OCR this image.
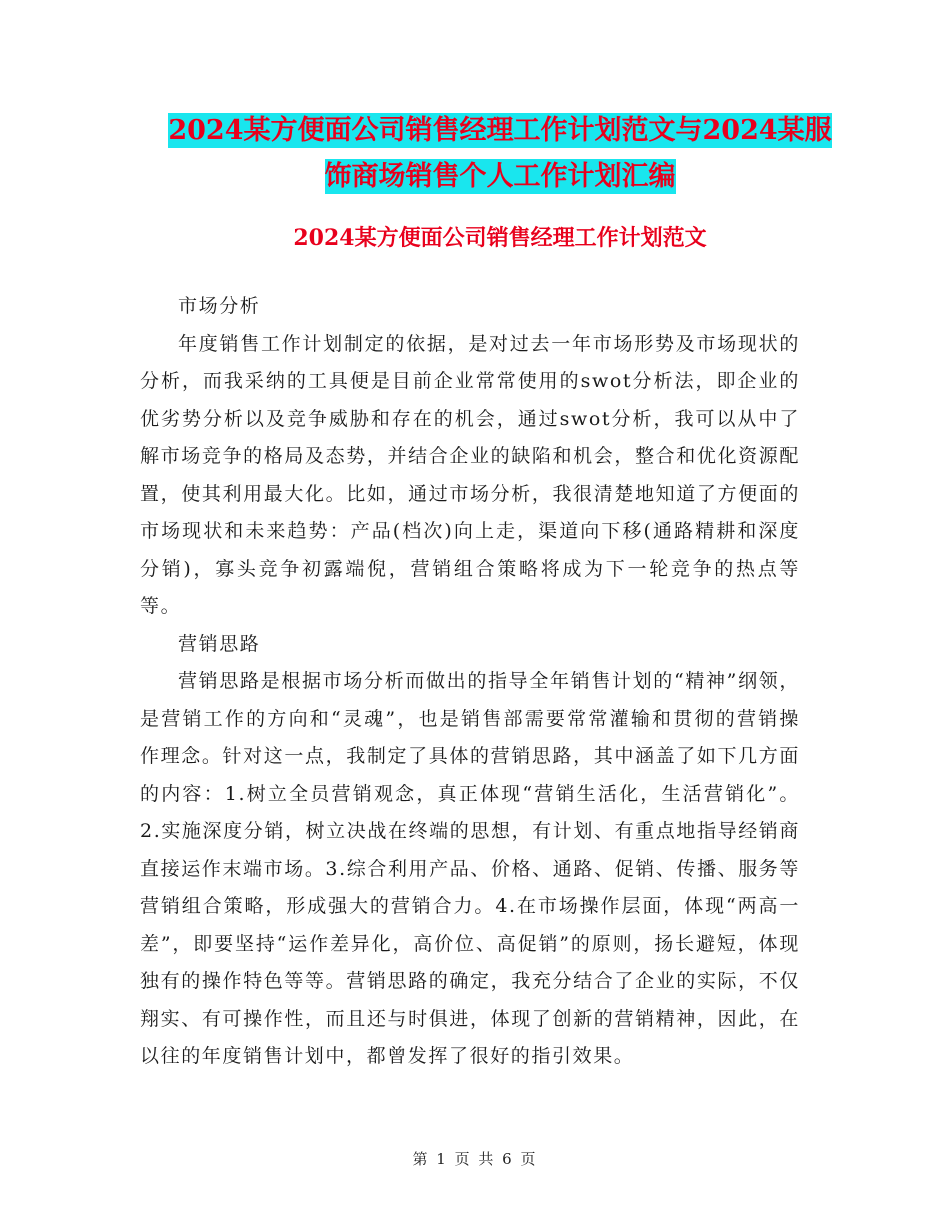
2024某方便面公司销售经理工作计划范文与2024某服
饰商场销售个人工作计划汇编
2024某方便面公司销售经理工作计划范文

市场分析

年度销售工作计划制定的依据，是对过去一年市场形势及市场现状的分析，而我采纳的工具便是目前企业常常使用的swot分析法，即企业的优劣势分析以及竞争威胁和存在的机会，通过swot分析，我可以从中了解市场竞争的格局及态势，并结合企业的缺陷和机会，整合和优化资源配置，使其利用最大化。比如，通过市场分析，我很清楚地知道了方便面的市场现状和未来趋势：产品(档次)向上走，渠道向下移(通路精耕和深度分销)，寡头竞争初露端倪，营销组合策略将成为下一轮竞争的热点等等。

营销思路

营销思路是根据市场分析而做出的指导全年销售计划的“精神”纲领，是营销工作的方向和“灵魂”，也是销售部需要常常灌输和贯彻的营销操作理念。针对这一点，我制定了具体的营销思路，其中涵盖了如下几方面的内容：1.树立全员营销观念，真正体现“营销生活化，生活营销化”。2.实施深度分销，树立决战在终端的思想，有计划、有重点地指导经销商直接运作末端市场。3.综合利用产品、价格、通路、促销、传播、服务等营销组合策略，形成强大的营销合力。4.在市场操作层面，体现“两高一差”，即要坚持“运作差异化，高价位、高促销”的原则，扬长避短，体现独有的操作特色等等。营销思路的确定，我充分结合了企业的实际，不仅翔实、有可操作性，而且还与时俱进，体现了创新的营销精神，因此，在以往的年度销售计划中，都曾发挥了很好的指引效果。

第 1 页 共 6 页
